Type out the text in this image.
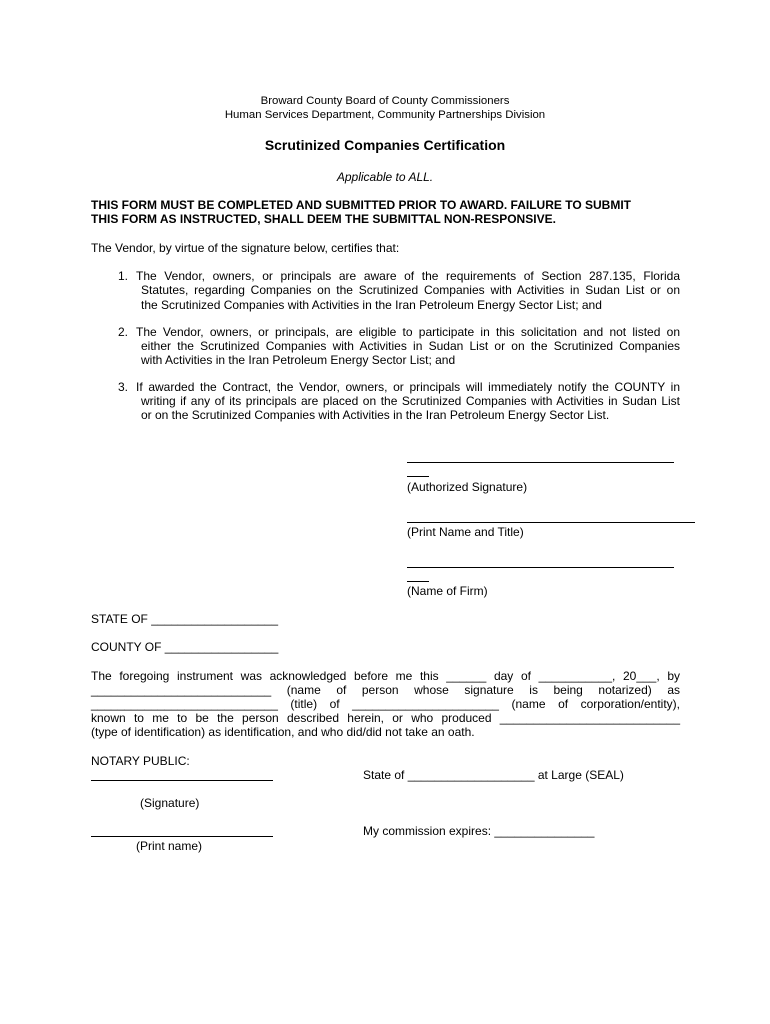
Broward County Board of County Commissioners
Human Services Department, Community Partnerships Division
Scrutinized Companies Certification
Applicable to ALL.
THIS FORM MUST BE COMPLETED AND SUBMITTED PRIOR TO AWARD. FAILURE TO SUBMIT
THIS FORM AS INSTRUCTED, SHALL DEEM THE SUBMITTAL NON-RESPONSIVE.
The Vendor, by virtue of the signature below, certifies that:
1. The Vendor, owners, or principals are aware of the requirements of Section 287.135, Florida
Statutes, regarding Companies on the Scrutinized Companies with Activities in Sudan List or on
the Scrutinized Companies with Activities in the Iran Petroleum Energy Sector List; and
2. The Vendor, owners, or principals, are eligible to participate in this solicitation and not listed on
either the Scrutinized Companies with Activities in Sudan List or on the Scrutinized Companies
with Activities in the Iran Petroleum Energy Sector List; and
3. If awarded the Contract, the Vendor, owners, or principals will immediately notify the COUNTY in
writing if any of its principals are placed on the Scrutinized Companies with Activities in Sudan List
or on the Scrutinized Companies with Activities in the Iran Petroleum Energy Sector List.
(Authorized Signature)
(Print Name and Title)
(Name of Firm)
STATE OF ___________________
COUNTY OF _________________
The foregoing instrument was acknowledged before me this ______ day of ___________, 20___, by
___________________________ (name of person whose signature is being notarized) as
____________________________ (title) of ______________________ (name of corporation/entity),
known to me to be the person described herein, or who produced ___________________________
(type of identification) as identification, and who did/did not take an oath.
NOTARY PUBLIC:
State of ___________________ at Large (SEAL)
(Signature)
My commission expires: _______________
(Print name)
